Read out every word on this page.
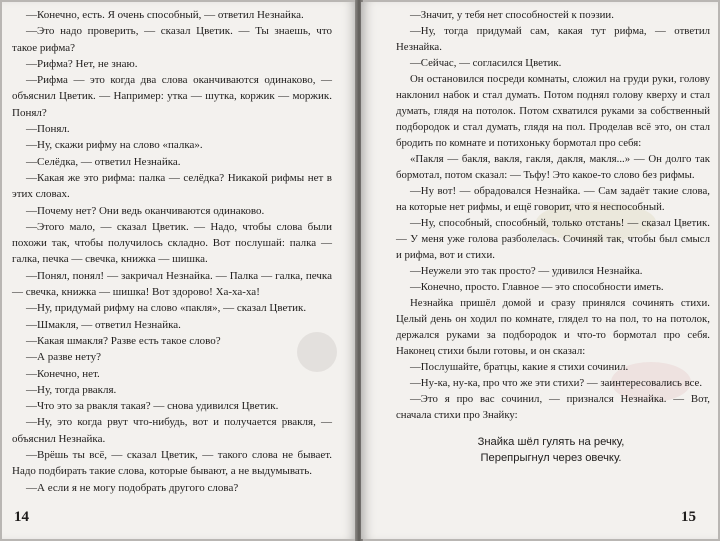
—Конечно, есть. Я очень способный, — ответил Незнайка.

—Это надо проверить, — сказал Цветик. — Ты знаешь, что такое рифма?

—Рифма? Нет, не знаю.

—Рифма — это когда два слова оканчиваются одинаково, — объяснил Цветик. — Например: утка — шутка, коржик — моржик. Понял?

—Понял.

—Ну, скажи рифму на слово «палка».

—Селёдка, — ответил Незнайка.

—Какая же это рифма: палка — селёдка? Никакой рифмы нет в этих словах.

—Почему нет? Они ведь оканчиваются одинаково.

—Этого мало, — сказал Цветик. — Надо, чтобы слова были похожи так, чтобы получилось складно. Вот послушай: палка — галка, печка — свечка, книжка — шишка.

—Понял, понял! — закричал Незнайка. — Палка — галка, печка — свечка, книжка — шишка! Вот здорово! Ха-ха-ха!

—Ну, придумай рифму на слово «пакля», — сказал Цветик.

—Шмакля, — ответил Незнайка.

—Какая шмакля? Разве есть такое слово?

—А разве нету?

—Конечно, нет.

—Ну, тогда рвакля.

—Что это за рвакля такая? — снова удивился Цветик.

—Ну, это когда рвут что-нибудь, вот и получается рвакля, — объяснил Незнайка.

—Врёшь ты всё, — сказал Цветик, — такого слова не бывает. Надо подбирать такие слова, которые бывают, а не выдумывать.

—А если я не могу подобрать другого слова?

14

—Значит, у тебя нет способностей к поэзии.

—Ну, тогда придумай сам, какая тут рифма, — ответил Незнайка.

—Сейчас, — согласился Цветик.

Он остановился посреди комнаты, сложил на груди руки, голову наклонил набок и стал думать. Потом поднял голову кверху и стал думать, глядя на потолок. Потом схватился руками за собственный подбородок и стал думать, глядя на пол. Проделав всё это, он стал бродить по комнате и потихоньку бормотал про себя:

«Пакля — бакля, вакля, гакля, дакля, макля...» — Он долго так бормотал, потом сказал: — Тьфу! Это какое-то слово без рифмы.

—Ну вот! — обрадовался Незнайка. — Сам задаёт такие слова, на которые нет рифмы, и ещё говорит, что я неспособный.

—Ну, способный, способный, только отстань! — сказал Цветик. — У меня уже голова разболелась. Сочиняй так, чтобы был смысл и рифма, вот и стихи.

—Неужели это так просто? — удивился Незнайка.

—Конечно, просто. Главное — это способности иметь.

Незнайка пришёл домой и сразу принялся сочинять стихи. Целый день он ходил по комнате, глядел то на пол, то на потолок, держался руками за подбородок и что-то бормотал про себя. Наконец стихи были готовы, и он сказал:

—Послушайте, братцы, какие я стихи сочинил.

—Ну-ка, ну-ка, про что же эти стихи? — заинтересовались все.

—Это я про вас сочинил, — признался Незнайка. — Вот, сначала стихи про Знайку:

Знайка шёл гулять на речку,
Перепрыгнул через овечку.
15
